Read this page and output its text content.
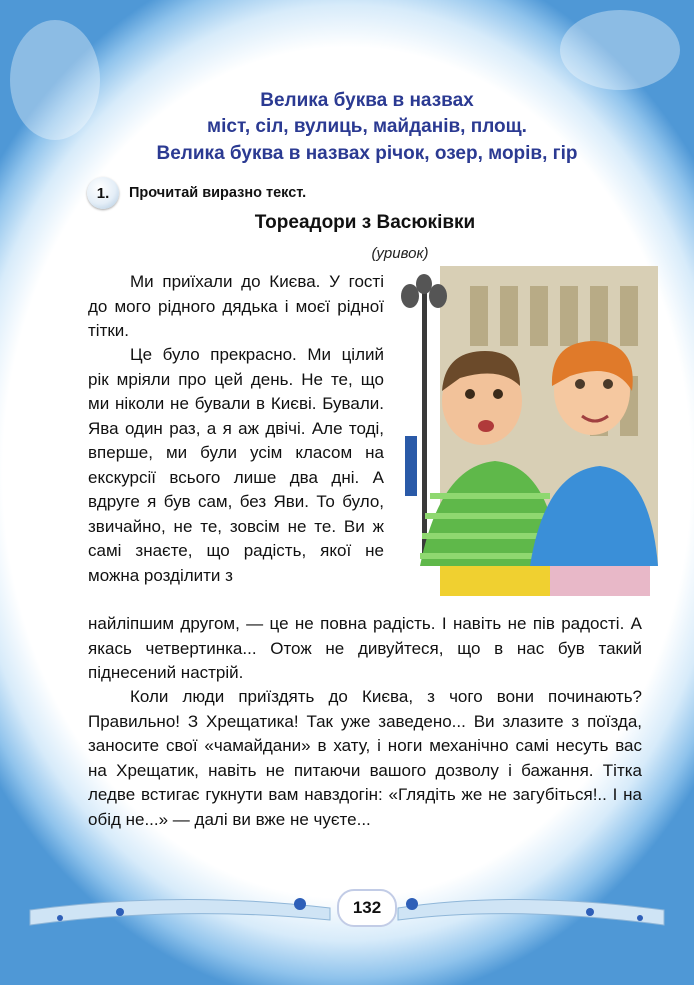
Велика буква в назвах
міст, сіл, вулиць, майданів, площ.
Велика буква в назвах річок, озер, морів, гір
1.	Прочитай виразно текст.
Тореадори з Васюківки
(уривок)
Ми приїхали до Києва. У гості до мого рідного дядька і моєї рідної тітки.
Це було прекрасно. Ми цілий рік мріяли про цей день. Не те, що ми ніколи не бували в Києві. Бували. Ява один раз, а я аж двічі. Але тоді, вперше, ми були усім класом на екскурсії всього лише два дні. А вдруге я був сам, без Яви. То було, звичайно, не те, зовсім не те. Ви ж самі знаєте, що радість, якої не можна розділити з
найліпшим другом, — це не повна радість. І навіть не пів радості. А якась четвертинка... Отож не дивуйтеся, що в нас був такий піднесений настрій.
Коли люди приїздять до Києва, з чого вони починають? Правильно! З Хрещатика! Так уже заведено... Ви злазите з поїзда, заносите свої «чамайдани» в хату, і ноги механічно самі несуть вас на Хрещатик, навіть не питаючи вашого дозволу і бажання. Тітка ледве встигає гукнути вам навздогін: «Глядіть же не загубіться!.. І на обід не...» — далі ви вже не чуєте...
132
